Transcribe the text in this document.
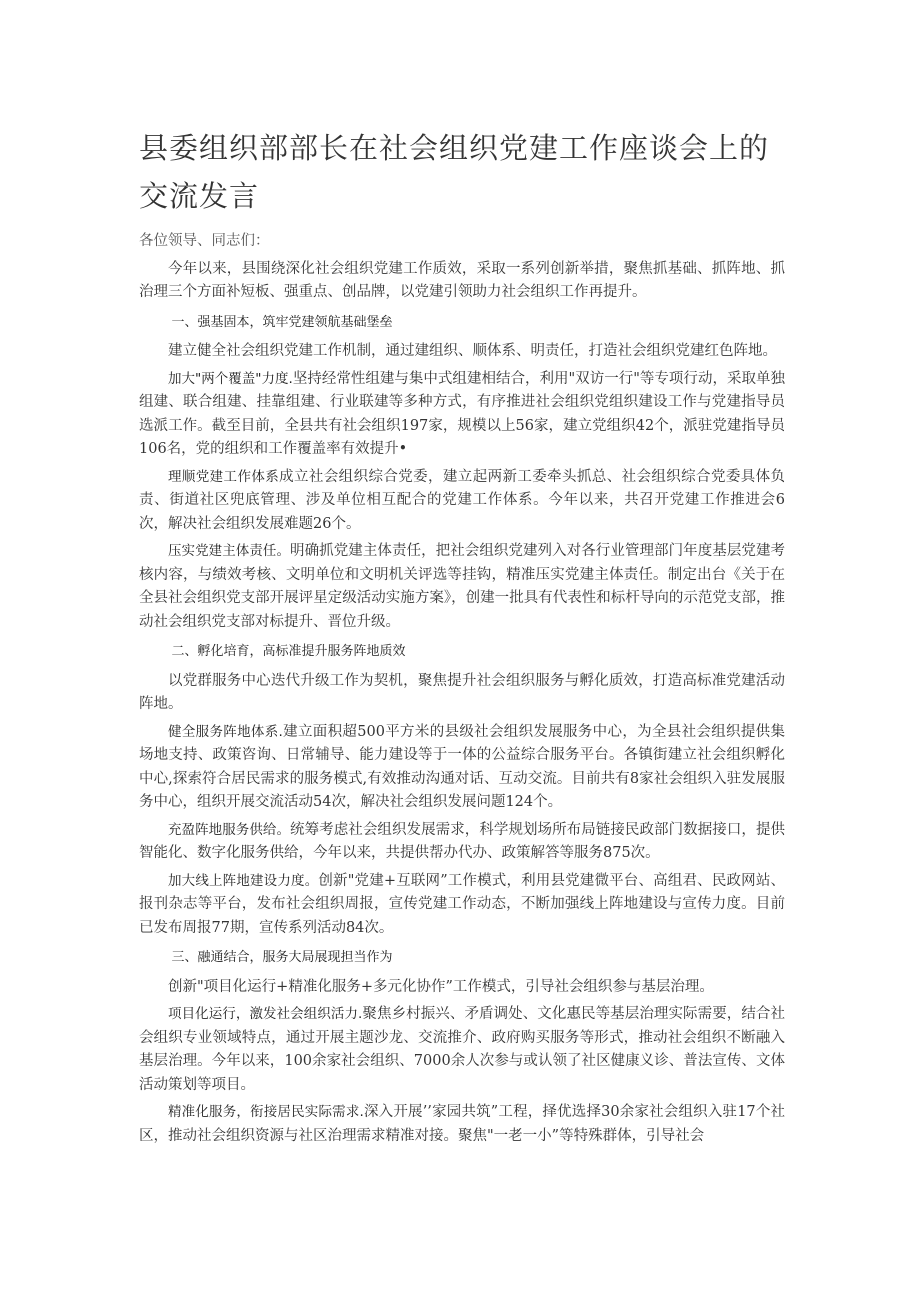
县委组织部部长在社会组织党建工作座谈会上的交流发言
各位领导、同志们：
今年以来，县围绕深化社会组织党建工作质效，采取一系列创新举措，聚焦抓基础、抓阵地、抓治理三个方面补短板、强重点、创品牌，以党建引领助力社会组织工作再提升。
一、强基固本，筑牢党建领航基础堡垒
建立健全社会组织党建工作机制，通过建组织、顺体系、明责任，打造社会组织党建红色阵地。
加大"两个覆盖"力度.坚持经常性组建与集中式组建相结合，利用"双访一行"等专项行动，采取单独组建、联合组建、挂靠组建、行业联建等多种方式，有序推进社会组织党组织建设工作与党建指导员选派工作。截至目前，全县共有社会组织197家，规模以上56家，建立党组织42个，派驻党建指导员106名，党的组织和工作覆盖率有效提升•
理顺党建工作体系成立社会组织综合党委，建立起两新工委牵头抓总、社会组织综合党委具体负责、街道社区兜底管理、涉及单位相互配合的党建工作体系。今年以来，共召开党建工作推进会6次，解决社会组织发展难题26个。
压实党建主体责任。明确抓党建主体责任，把社会组织党建列入对各行业管理部门年度基层党建考核内容，与绩效考核、文明单位和文明机关评选等挂钩，精准压实党建主体责任。制定出台《关于在全县社会组织党支部开展评星定级活动实施方案》，创建一批具有代表性和标杆导向的示范党支部，推动社会组织党支部对标提升、晋位升级。
二、孵化培育，高标准提升服务阵地质效
以党群服务中心迭代升级工作为契机，聚焦提升社会组织服务与孵化质效，打造高标准党建活动阵地。
健全服务阵地体系.建立面积超500平方米的县级社会组织发展服务中心，为全县社会组织提供集场地支持、政策咨询、日常辅导、能力建设等于一体的公益综合服务平台。各镇街建立社会组织孵化中心,探索符合居民需求的服务模式,有效推动沟通对话、互动交流。目前共有8家社会组织入驻发展服务中心，组织开展交流活动54次，解决社会组织发展问题124个。
充盈阵地服务供给。统筹考虑社会组织发展需求，科学规划场所布局链接民政部门数据接口，提供智能化、数字化服务供给，今年以来，共提供帮办代办、政策解答等服务875次。
加大线上阵地建设力度。创新"党建+互联网”工作模式，利用县党建微平台、高组君、民政网站、报刊杂志等平台，发布社会组织周报，宣传党建工作动态，不断加强线上阵地建设与宣传力度。目前已发布周报77期，宣传系列活动84次。
三、融通结合，服务大局展现担当作为
创新"项目化运行+精准化服务+多元化协作”工作模式，引导社会组织参与基层治理。
项目化运行，激发社会组织活力.聚焦乡村振兴、矛盾调处、文化惠民等基层治理实际需要，结合社会组织专业领域特点，通过开展主题沙龙、交流推介、政府购买服务等形式，推动社会组织不断融入基层治理。今年以来，100余家社会组织、7000余人次参与或认领了社区健康义诊、普法宣传、文体活动策划等项目。
精准化服务，衔接居民实际需求.深入开展’’家园共筑”工程，择优选择30余家社会组织入驻17个社区，推动社会组织资源与社区治理需求精准对接。聚焦"一老一小”等特殊群体，引导社会
